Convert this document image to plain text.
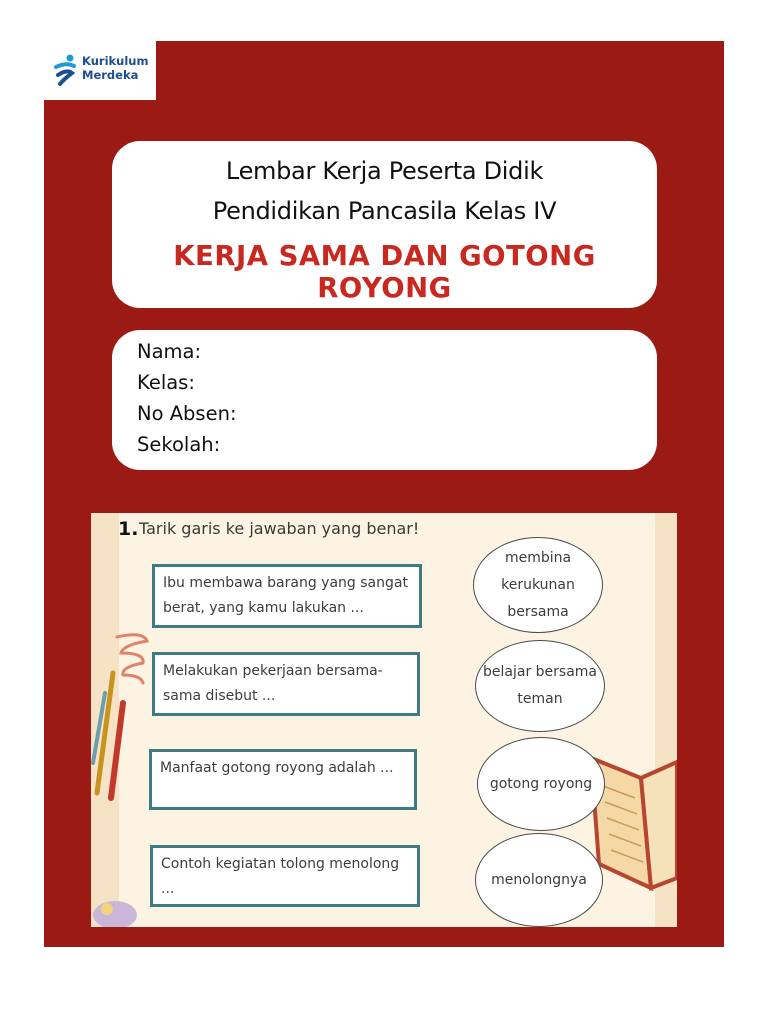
Kurikulum
Merdeka
Lembar Kerja Peserta Didik
Pendidikan Pancasila Kelas IV
KERJA SAMA DAN GOTONG ROYONG
Nama:
Kelas:
No Absen:
Sekolah:
1. Tarik garis ke jawaban yang benar!
Ibu membawa barang yang sangat berat, yang kamu lakukan ...
Melakukan pekerjaan bersama-sama disebut ...
Manfaat gotong royong adalah ...
Contoh kegiatan tolong menolong ...
membina kerukunan bersama
belajar bersama teman
gotong royong
menolongnya
